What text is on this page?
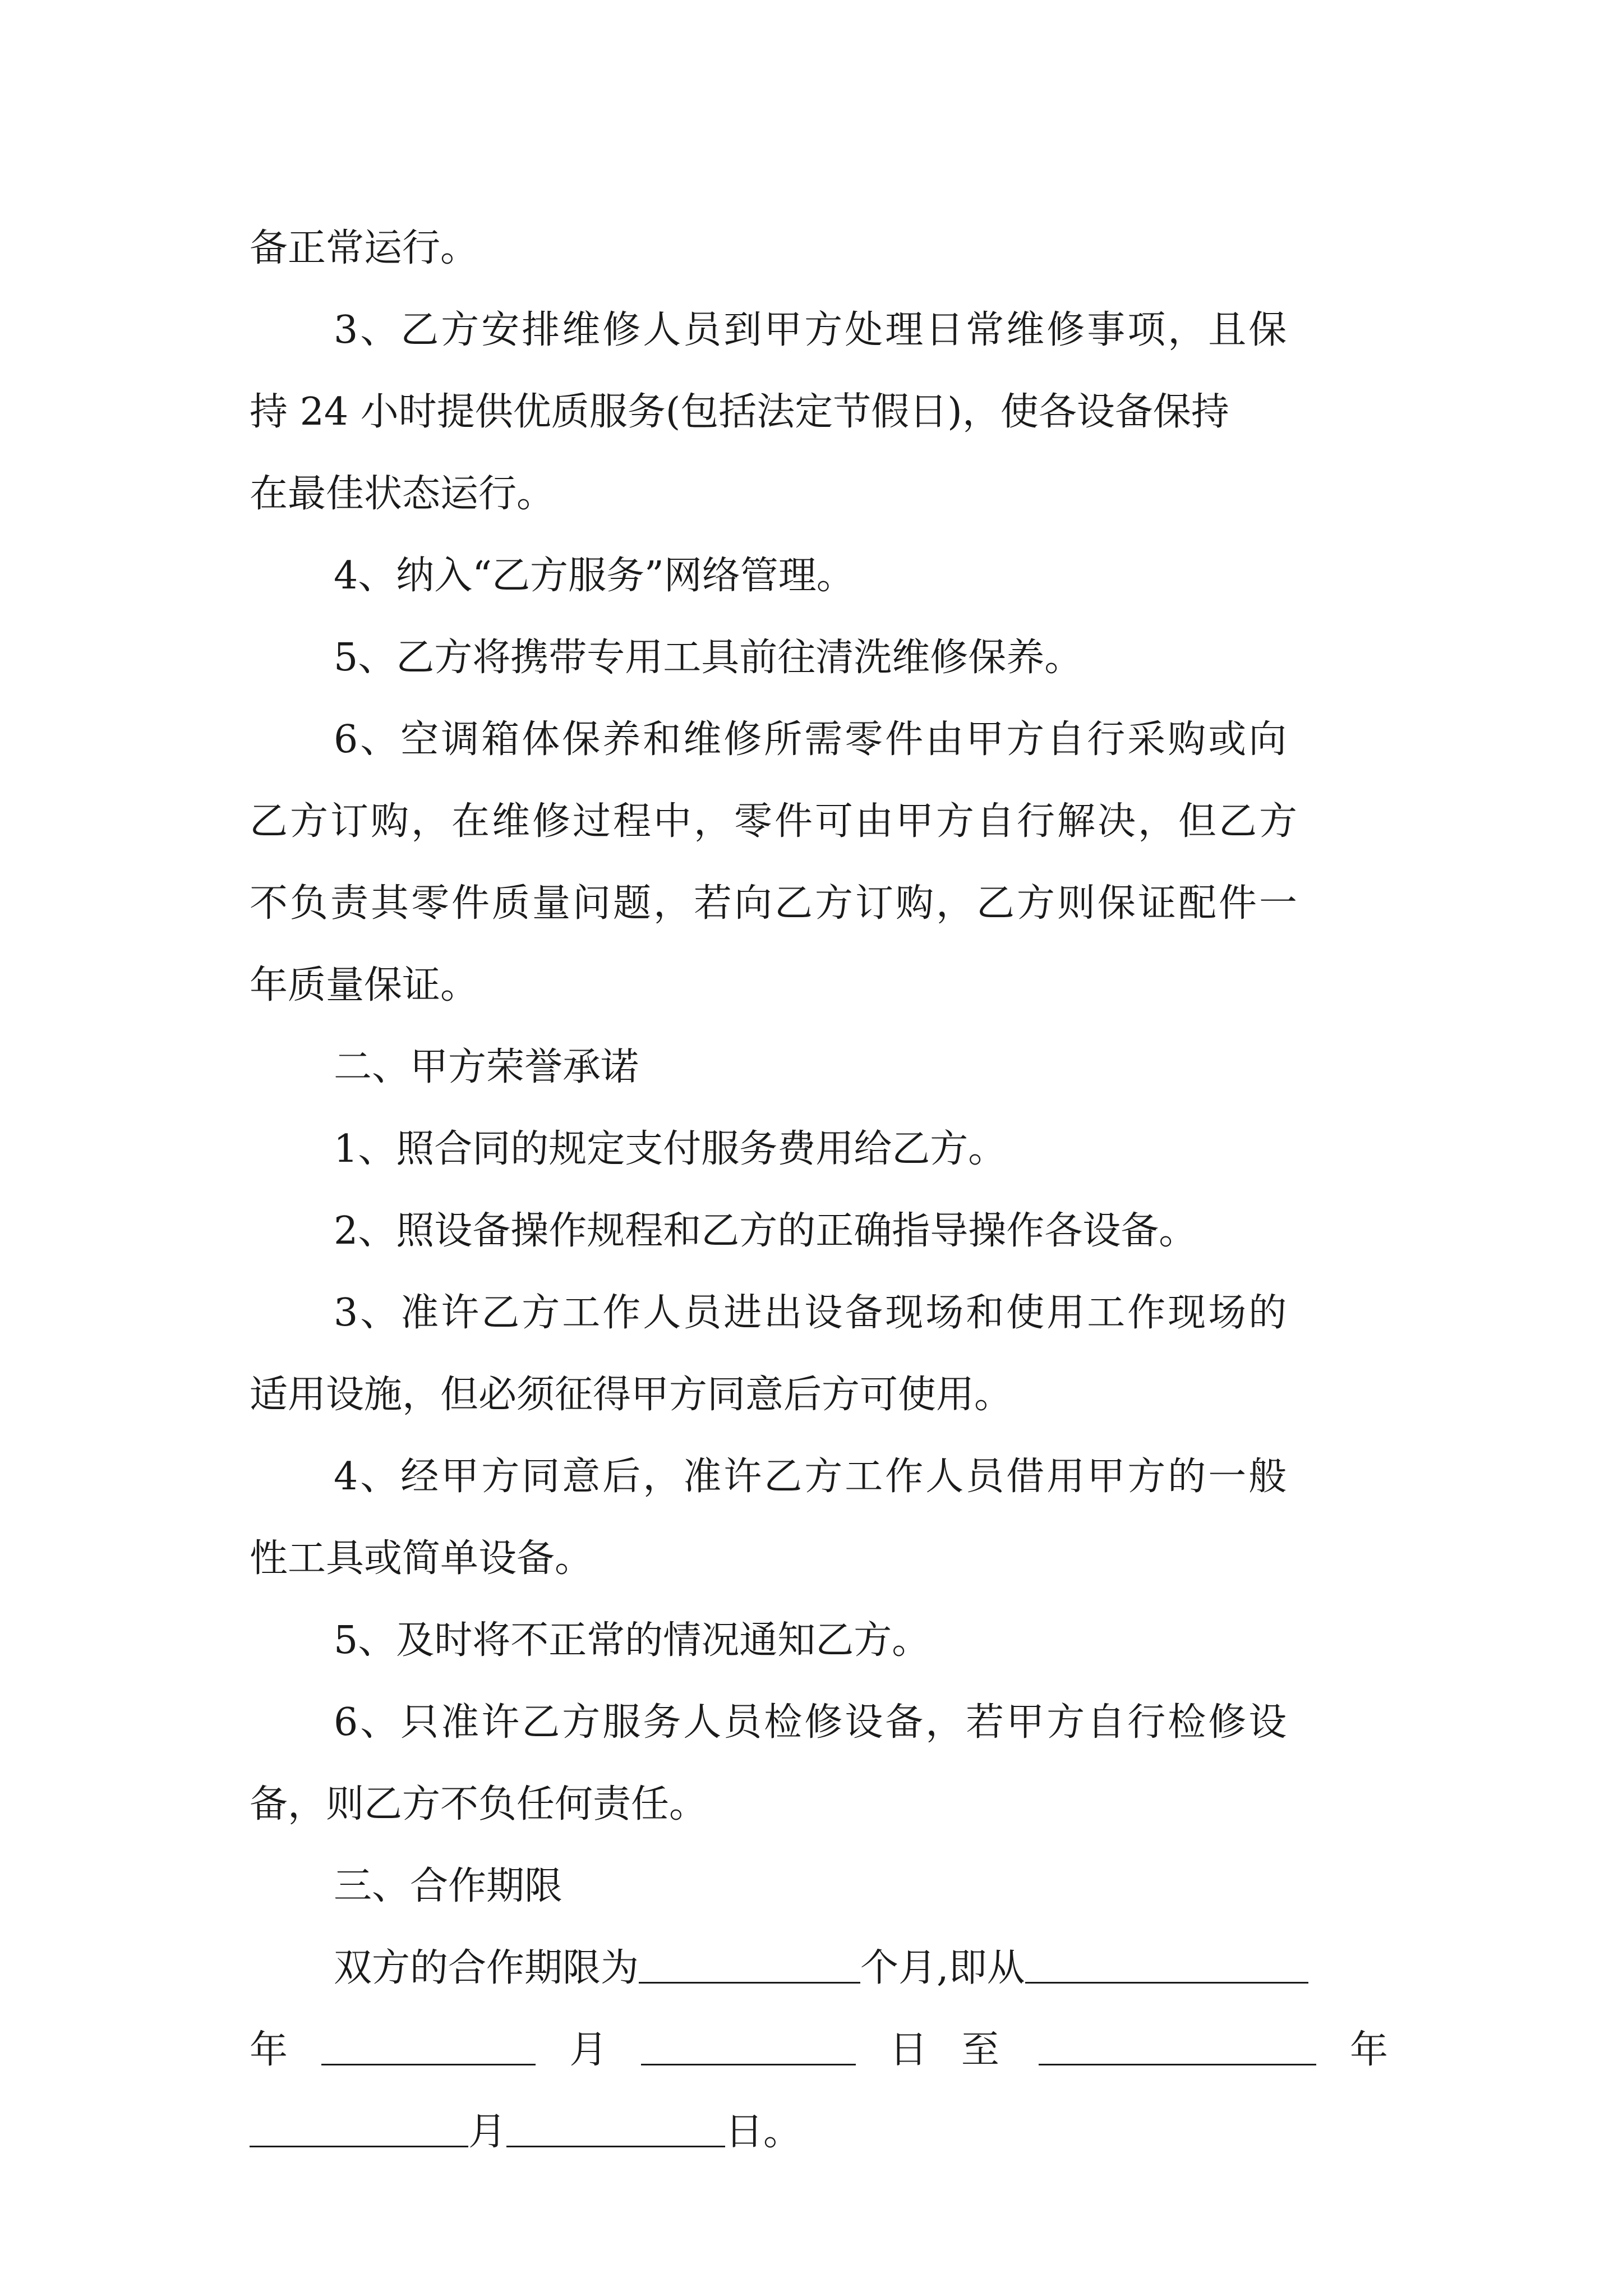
备正常运行。
3、乙方安排维修人员到甲方处理日常维修事项，且保
持 24 小时提供优质服务(包括法定节假日)，使各设备保持
在最佳状态运行。
4、纳入“乙方服务”网络管理。
5、乙方将携带专用工具前往清洗维修保养。
6、空调箱体保养和维修所需零件由甲方自行采购或向
乙方订购，在维修过程中，零件可由甲方自行解决，但乙方
不负责其零件质量问题，若向乙方订购，乙方则保证配件一
年质量保证。
二、甲方荣誉承诺
1、照合同的规定支付服务费用给乙方。
2、照设备操作规程和乙方的正确指导操作各设备。
3、准许乙方工作人员进出设备现场和使用工作现场的
适用设施，但必须征得甲方同意后方可使用。
4、经甲方同意后，准许乙方工作人员借用甲方的一般
性工具或简单设备。
5、及时将不正常的情况通知乙方。
6、只准许乙方服务人员检修设备，若甲方自行检修设
备，则乙方不负任何责任。
三、合作期限
双方的合作期限为	个月,即从
年	月	日至	年
月	日。
